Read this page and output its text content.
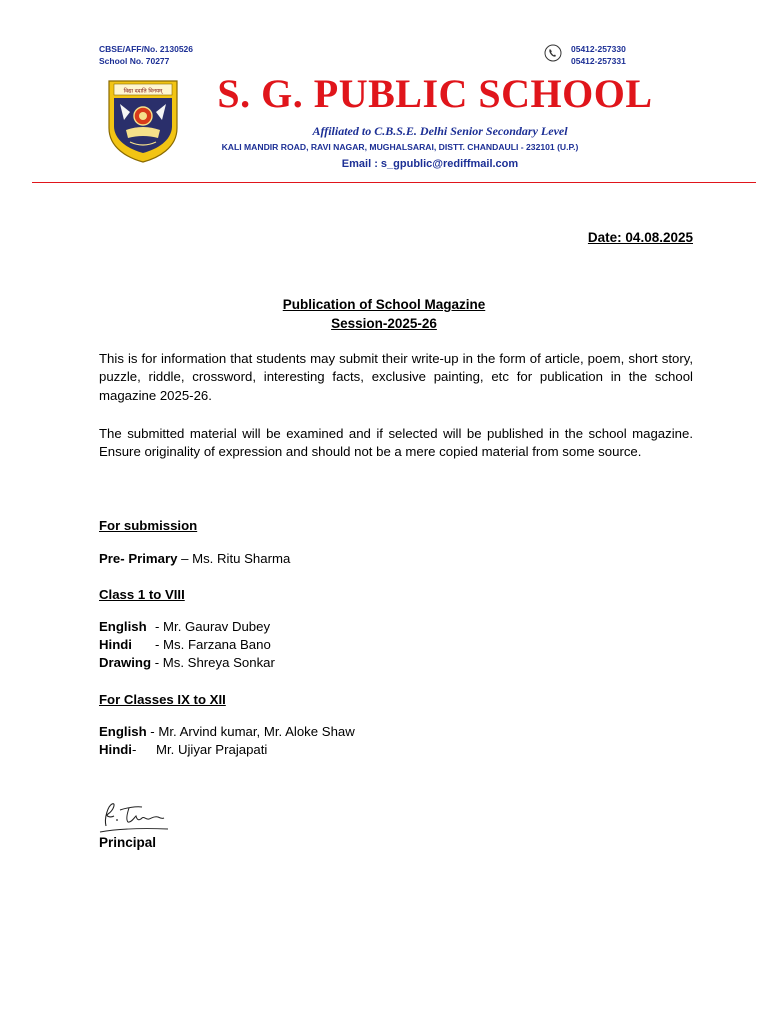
CBSE/AFF/No. 2130526
School No. 70277
05412-257330
05412-257331
विद्या ददाति विनयम्	S. G. PUBLIC SCHOOL
Affiliated to C.B.S.E. Delhi Senior Secondary Level
KALI MANDIR ROAD, RAVI NAGAR, MUGHALSARAI, DISTT. CHANDAULI - 232101 (U.P.)
Email : s_gpublic@rediffmail.com
Date: 04.08.2025
Publication of School Magazine
Session-2025-26
This is for information that students may submit their write-up in the form of article, poem, short story, puzzle, riddle, crossword, interesting facts, exclusive painting, etc for publication in the school magazine 2025-26.
The submitted material will be examined and if selected will be published in the school magazine. Ensure originality of expression and should not be a mere copied material from some source.
For submission
Pre- Primary – Ms. Ritu Sharma
Class 1 to VIII
English - Mr. Gaurav Dubey
Hindi - Ms. Farzana Bano
Drawing - Ms. Shreya Sonkar
For Classes IX to XII
English - Mr. Arvind kumar, Mr. Aloke Shaw
Hindi- Mr. Ujiyar Prajapati
Principal
